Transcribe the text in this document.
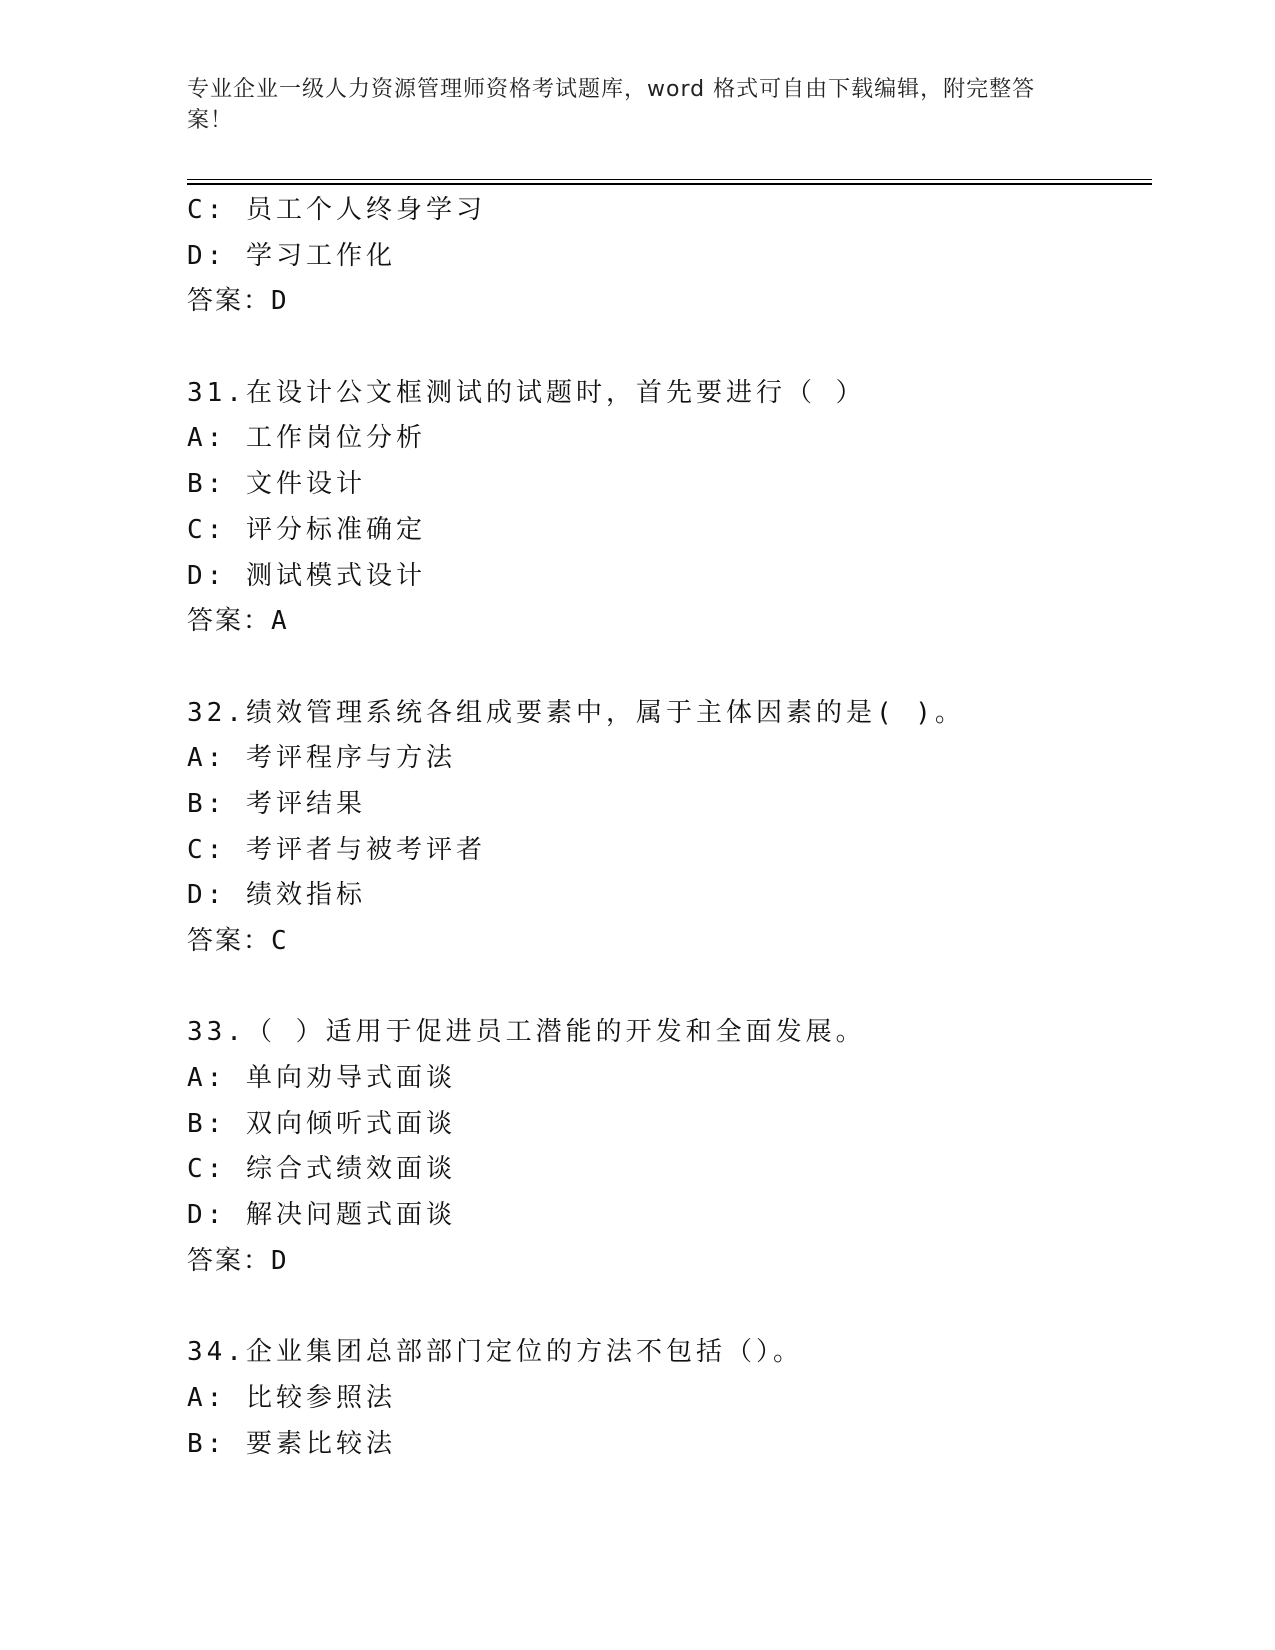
专业企业一级人力资源管理师资格考试题库，word 格式可自由下载编辑，附完整答案！
C: 员工个人终身学习
D: 学习工作化
答案：D
31.在设计公文框测试的试题时，首先要进行（ ）
A: 工作岗位分析
B: 文件设计
C: 评分标准确定
D: 测试模式设计
答案：A
32.绩效管理系统各组成要素中，属于主体因素的是( )。
A: 考评程序与方法
B: 考评结果
C: 考评者与被考评者
D: 绩效指标
答案：C
33.（ ）适用于促进员工潜能的开发和全面发展。
A: 单向劝导式面谈
B: 双向倾听式面谈
C: 综合式绩效面谈
D: 解决问题式面谈
答案：D
34.企业集团总部部门定位的方法不包括（）。
A: 比较参照法
B: 要素比较法
